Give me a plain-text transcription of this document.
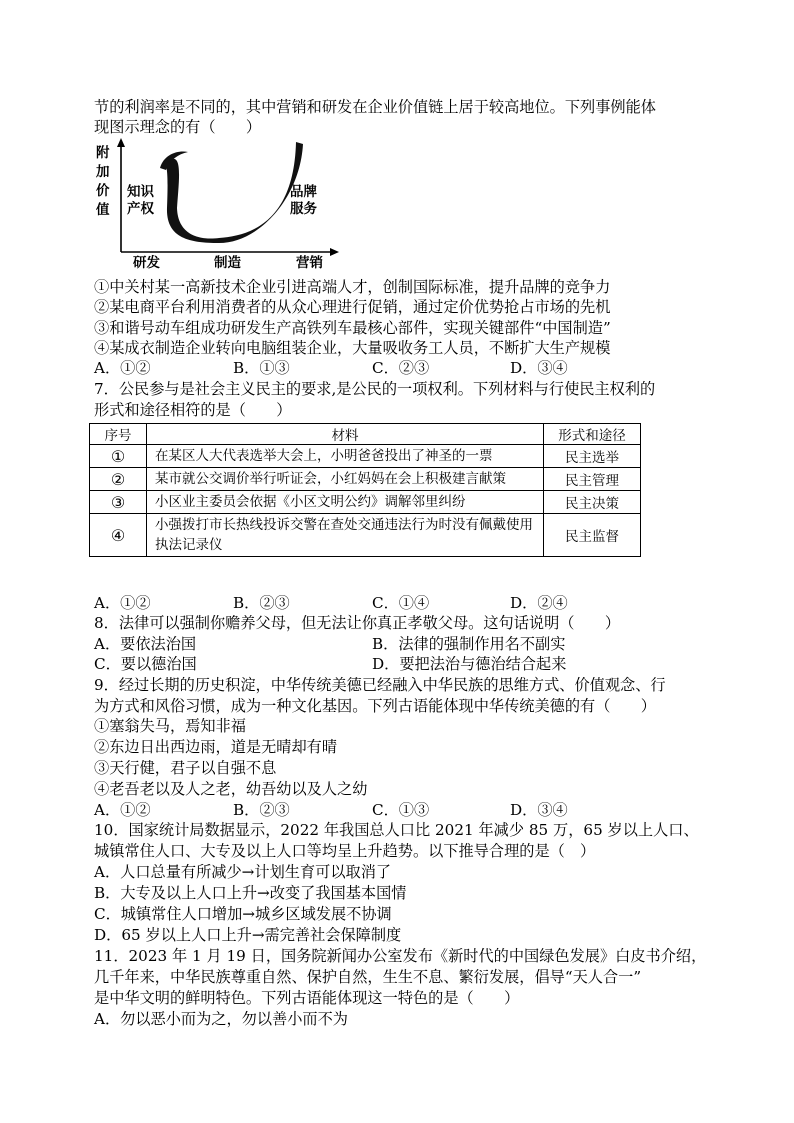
节的利润率是不同的，其中营销和研发在企业价值链上居于较高地位。下列事例能体
现图示理念的有（　　）
附加价值
知识产权
品牌服务
研发	制造	营销
①中关村某一高新技术企业引进高端人才，创制国际标准，提升品牌的竞争力
②某电商平台利用消费者的从众心理进行促销，通过定价优势抢占市场的先机
③和谐号动车组成功研发生产高铁列车最核心部件，实现关键部件“中国制造”
④某成衣制造企业转向电脑组装企业，大量吸收务工人员，不断扩大生产规模
A．①②	B．①③	C．②③	D．③④
7．公民参与是社会主义民主的要求,是公民的一项权利。下列材料与行使民主权利的
形式和途径相符的是（　　）
序号	材料	形式和途径
①	在某区人大代表选举大会上，小明爸爸投出了神圣的一票	民主选举
②	某市就公交调价举行听证会，小红妈妈在会上积极建言献策	民主管理
③	小区业主委员会依据《小区文明公约》调解邻里纠纷	民主决策
④	小强拨打市长热线投诉交警在查处交通违法行为时没有佩戴使用执法记录仪	民主监督
A．①②	B．②③	C．①④	D．②④
8．法律可以强制你赡养父母，但无法让你真正孝敬父母。这句话说明（　　）
A．要依法治国	B．法律的强制作用名不副实
C．要以德治国	D．要把法治与德治结合起来
9．经过长期的历史积淀，中华传统美德已经融入中华民族的思维方式、价值观念、行
为方式和风俗习惯，成为一种文化基因。下列古语能体现中华传统美德的有（　　）
①塞翁失马，焉知非福
②东边日出西边雨，道是无晴却有晴
③天行健，君子以自强不息
④老吾老以及人之老，幼吾幼以及人之幼
A．①②	B．②③	C．①③	D．③④
10．国家统计局数据显示，2022 年我国总人口比 2021 年减少 85 万，65 岁以上人口、
城镇常住人口、大专及以上人口等均呈上升趋势。以下推导合理的是（　）
A．人口总量有所减少→计划生育可以取消了
B．大专及以上人口上升→改变了我国基本国情
C．城镇常住人口增加→城乡区域发展不协调
D．65 岁以上人口上升→需完善社会保障制度
11．2023 年 1 月 19 日，国务院新闻办公室发布《新时代的中国绿色发展》白皮书介绍，
几千年来，中华民族尊重自然、保护自然，生生不息、繁衍发展，倡导“天人合一”
是中华文明的鲜明特色。下列古语能体现这一特色的是（　　）
A．勿以恶小而为之，勿以善小而不为
